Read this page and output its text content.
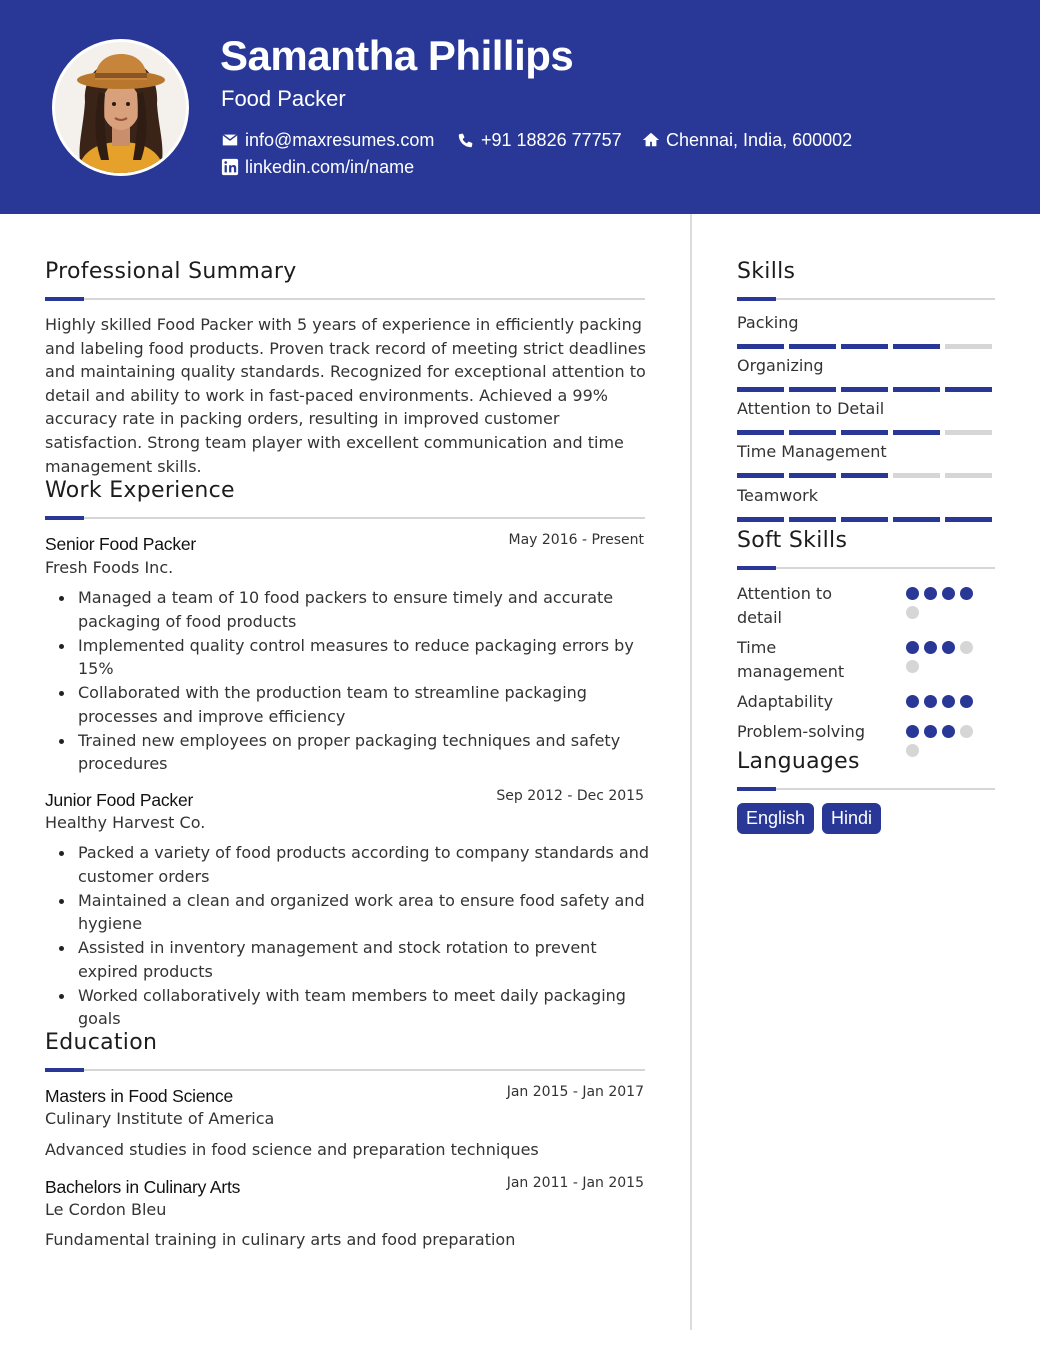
Samantha Phillips
Food Packer
info@maxresumes.com	+91 18826 77757 Chennai, India, 600002
linkedin.com/in/name
Professional Summary
Highly skilled Food Packer with 5 years of experience in efficiently packing and labeling food products. Proven track record of meeting strict deadlines and maintaining quality standards. Recognized for exceptional attention to detail and ability to work in fast-paced environments. Achieved a 99% accuracy rate in packing orders, resulting in improved customer satisfaction. Strong team player with excellent communication and time management skills.
Work Experience
Senior Food Packer	May 2016 - Present
Fresh Foods Inc.
Managed a team of 10 food packers to ensure timely and accurate packaging of food products
Implemented quality control measures to reduce packaging errors by 15%
Collaborated with the production team to streamline packaging processes and improve efficiency
Trained new employees on proper packaging techniques and safety procedures
Junior Food Packer	Sep 2012 - Dec 2015
Healthy Harvest Co.
Packed a variety of food products according to company standards and customer orders
Maintained a clean and organized work area to ensure food safety and hygiene
Assisted in inventory management and stock rotation to prevent expired products
Worked collaboratively with team members to meet daily packaging goals
Education
Masters in Food Science	Jan 2015 - Jan 2017
Culinary Institute of America
Advanced studies in food science and preparation techniques
Bachelors in Culinary Arts	Jan 2011 - Jan 2015
Le Cordon Bleu
Fundamental training in culinary arts and food preparation
Skills
Packing
Organizing
Attention to Detail
Time Management
Teamwork
Soft Skills
Attention to detail
Time management
Adaptability
Problem-solving
Languages
English	Hindi
